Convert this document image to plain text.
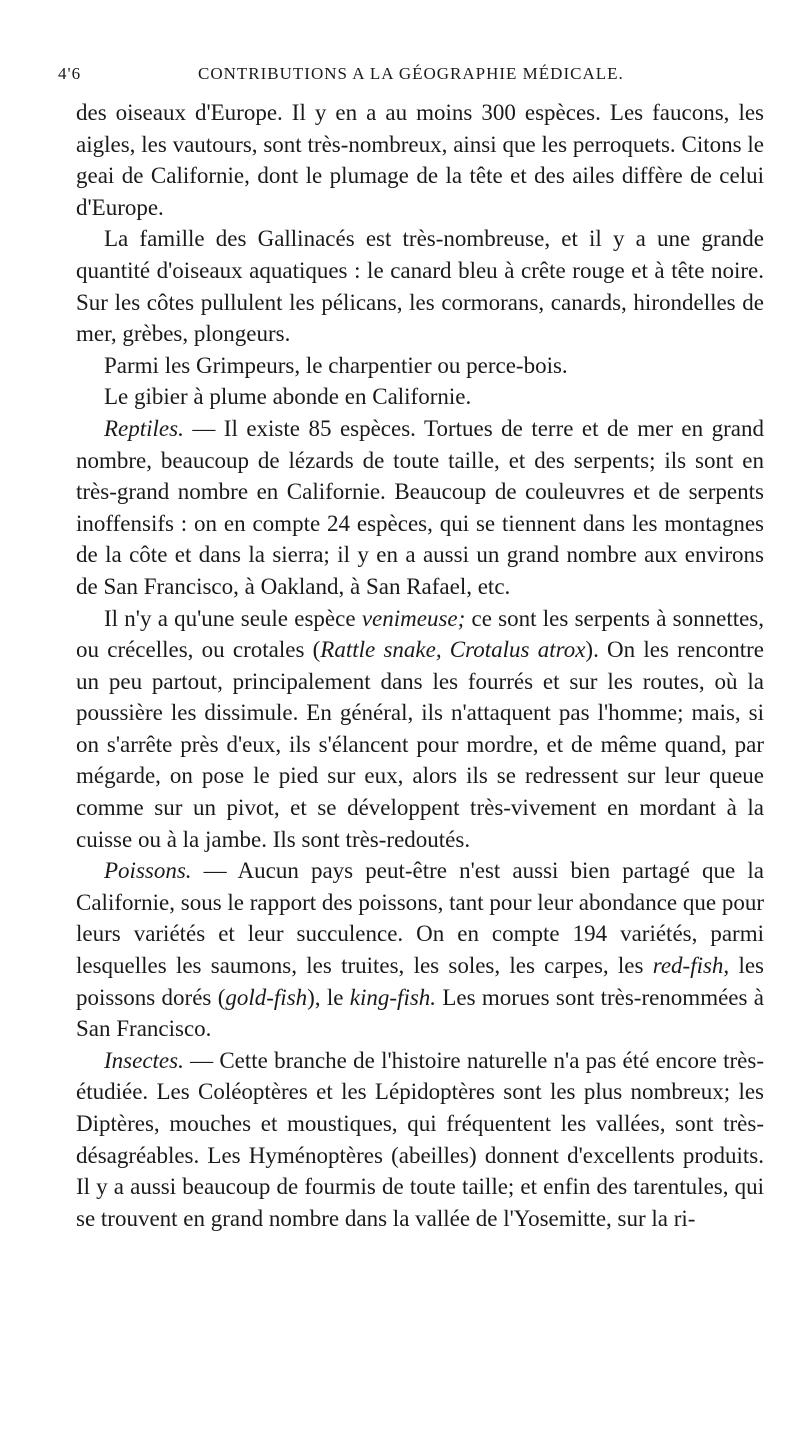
4'6	CONTRIBUTIONS A LA GÉOGRAPHIE MÉDICALE.

des oiseaux d'Europe. Il y en a au moins 300 espèces. Les faucons, les aigles, les vautours, sont très-nombreux, ainsi que les perroquets. Citons le geai de Californie, dont le plumage de la tête et des ailes diffère de celui d'Europe.

La famille des Gallinacés est très-nombreuse, et il y a une grande quantité d'oiseaux aquatiques : le canard bleu à crête rouge et à tête noire. Sur les côtes pullulent les pélicans, les cormorans, canards, hirondelles de mer, grèbes, plongeurs.

Parmi les Grimpeurs, le charpentier ou perce-bois.

Le gibier à plume abonde en Californie.

Reptiles. — Il existe 85 espèces. Tortues de terre et de mer en grand nombre, beaucoup de lézards de toute taille, et des serpents; ils sont en très-grand nombre en Californie. Beaucoup de couleuvres et de serpents inoffensifs : on en compte 24 espèces, qui se tiennent dans les montagnes de la côte et dans la sierra; il y en a aussi un grand nombre aux environs de San Francisco, à Oakland, à San Rafael, etc.

Il n'y a qu'une seule espèce venimeuse; ce sont les serpents à sonnettes, ou crécelles, ou crotales (Rattle snake, Crotalus atrox). On les rencontre un peu partout, principalement dans les fourrés et sur les routes, où la poussière les dissimule. En général, ils n'attaquent pas l'homme; mais, si on s'arrête près d'eux, ils s'élancent pour mordre, et de même quand, par mégarde, on pose le pied sur eux, alors ils se redressent sur leur queue comme sur un pivot, et se développent très-vivement en mordant à la cuisse ou à la jambe. Ils sont très-redoutés.

Poissons. — Aucun pays peut-être n'est aussi bien partagé que la Californie, sous le rapport des poissons, tant pour leur abondance que pour leurs variétés et leur succulence. On en compte 194 variétés, parmi lesquelles les saumons, les truites, les soles, les carpes, les red-fish, les poissons dorés (gold-fish), le king-fish. Les morues sont très-renommées à San Francisco.

Insectes. — Cette branche de l'histoire naturelle n'a pas été encore très-étudiée. Les Coléoptères et les Lépidoptères sont les plus nombreux; les Diptères, mouches et moustiques, qui fréquentent les vallées, sont très-désagréables. Les Hyménoptères (abeilles) donnent d'excellents produits. Il y a aussi beaucoup de fourmis de toute taille; et enfin des tarentules, qui se trouvent en grand nombre dans la vallée de l'Yosemitte, sur la ri-
